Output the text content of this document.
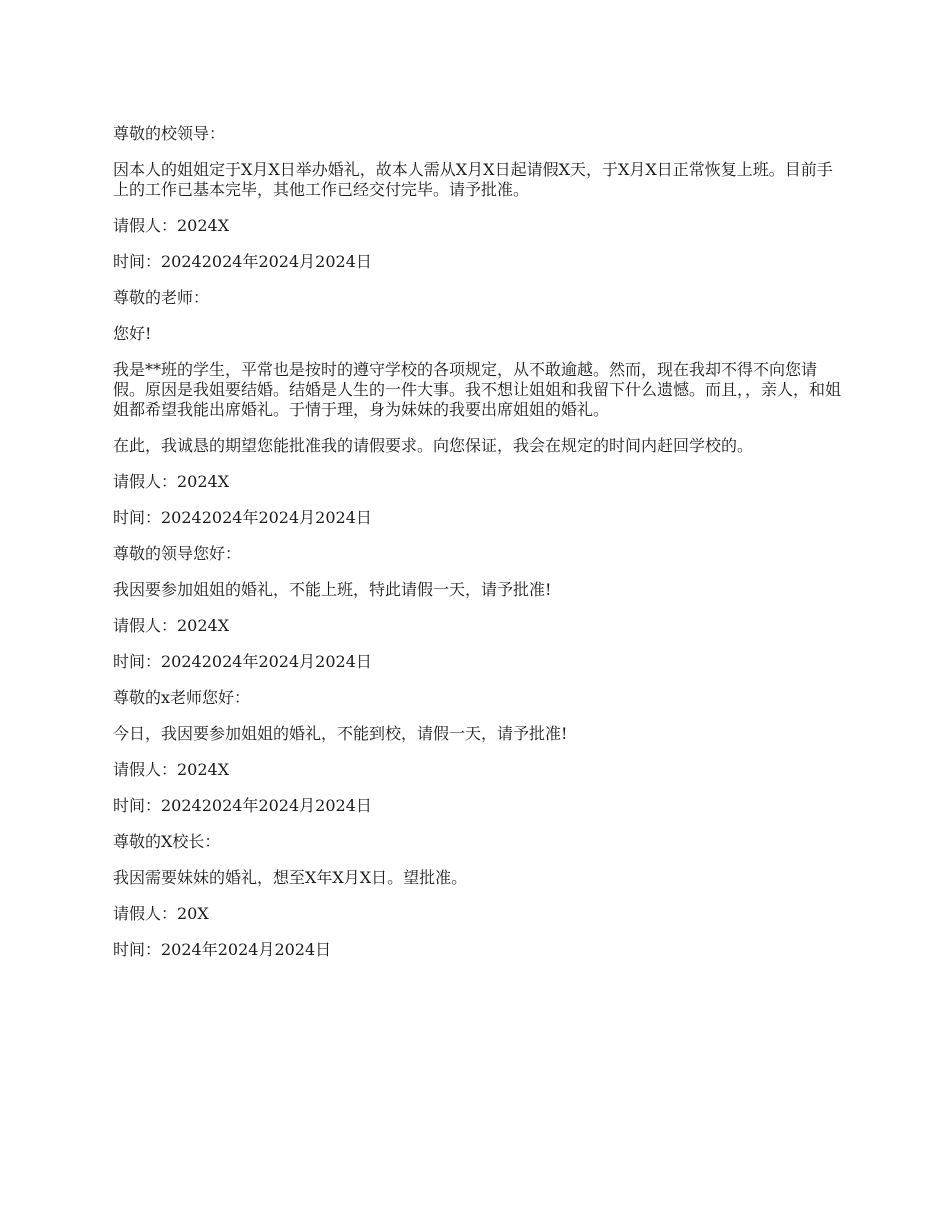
尊敬的校领导：

因本人的姐姐定于X月X日举办婚礼，故本人需从X月X日起请假X天，于X月X日正常恢复上班。目前手上的工作已基本完毕，其他工作已经交付完毕。请予批准。

请假人：2024X

时间：20242024年2024月2024日

尊敬的老师：

您好!

我是**班的学生，平常也是按时的遵守学校的各项规定，从不敢逾越。然而，现在我却不得不向您请假。原因是我姐要结婚。结婚是人生的一件大事。我不想让姐姐和我留下什么遗憾。而且，，亲人，和姐姐都希望我能出席婚礼。于情于理，身为妹妹的我要出席姐姐的婚礼。

在此，我诚恳的期望您能批准我的请假要求。向您保证，我会在规定的时间内赶回学校的。

请假人：2024X

时间：20242024年2024月2024日

尊敬的领导您好：

我因要参加姐姐的婚礼，不能上班，特此请假一天，请予批准!

请假人：2024X

时间：20242024年2024月2024日

尊敬的x老师您好：

今日，我因要参加姐姐的婚礼，不能到校，请假一天，请予批准!

请假人：2024X

时间：20242024年2024月2024日

尊敬的X校长：

我因需要妹妹的婚礼，想至X年X月X日。望批准。

请假人：20X

时间：2024年2024月2024日
